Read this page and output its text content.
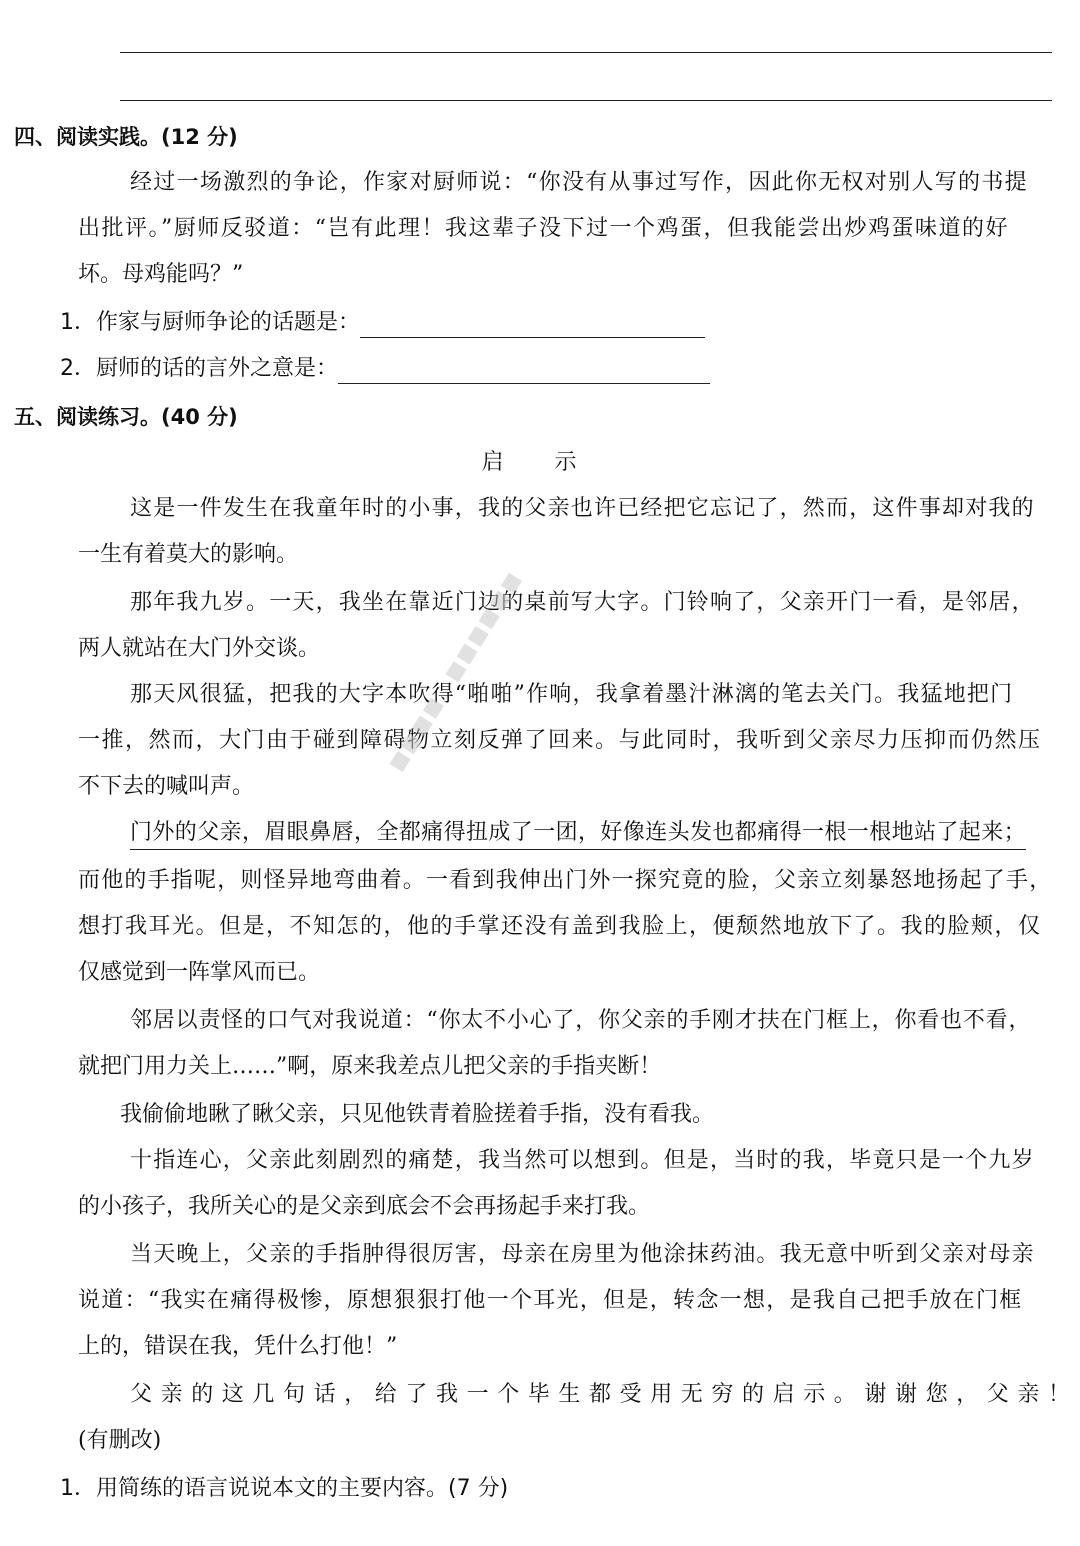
四、阅读实践。(12 分)
经过一场激烈的争论，作家对厨师说：“你没有从事过写作，因此你无权对别人写的书提
出批评。”厨师反驳道：“岂有此理！我这辈子没下过一个鸡蛋，但我能尝出炒鸡蛋味道的好
坏。母鸡能吗？”
1．作家与厨师争论的话题是：
2．厨师的话的言外之意是：
五、阅读练习。(40 分)
启 示
这是一件发生在我童年时的小事，我的父亲也许已经把它忘记了，然而，这件事却对我的
一生有着莫大的影响。
那年我九岁。一天，我坐在靠近门边的桌前写大字。门铃响了，父亲开门一看，是邻居，
两人就站在大门外交谈。
那天风很猛，把我的大字本吹得“啪啪”作响，我拿着墨汁淋漓的笔去关门。我猛地把门
一推，然而，大门由于碰到障碍物立刻反弹了回来。与此同时，我听到父亲尽力压抑而仍然压
不下去的喊叫声。
门外的父亲，眉眼鼻唇，全都痛得扭成了一团，好像连头发也都痛得一根一根地站了起来；
而他的手指呢，则怪异地弯曲着。一看到我伸出门外一探究竟的脸，父亲立刻暴怒地扬起了手，
想打我耳光。但是，不知怎的，他的手掌还没有盖到我脸上，便颓然地放下了。我的脸颊，仅
仅感觉到一阵掌风而已。
邻居以责怪的口气对我说道：“你太不小心了，你父亲的手刚才扶在门框上，你看也不看，
就把门用力关上……”啊，原来我差点儿把父亲的手指夹断！
我偷偷地瞅了瞅父亲，只见他铁青着脸搓着手指，没有看我。
十指连心，父亲此刻剧烈的痛楚，我当然可以想到。但是，当时的我，毕竟只是一个九岁
的小孩子，我所关心的是父亲到底会不会再扬起手来打我。
当天晚上，父亲的手指肿得很厉害，母亲在房里为他涂抹药油。我无意中听到父亲对母亲
说道：“我实在痛得极惨，原想狠狠打他一个耳光，但是，转念一想，是我自己把手放在门框
上的，错误在我，凭什么打他！”
父亲的这几句话，给了我一个毕生都受用无穷的启示。谢谢您，父亲！
(有删改)
1．用简练的语言说说本文的主要内容。(7 分)
■■■■　■■■■■■
